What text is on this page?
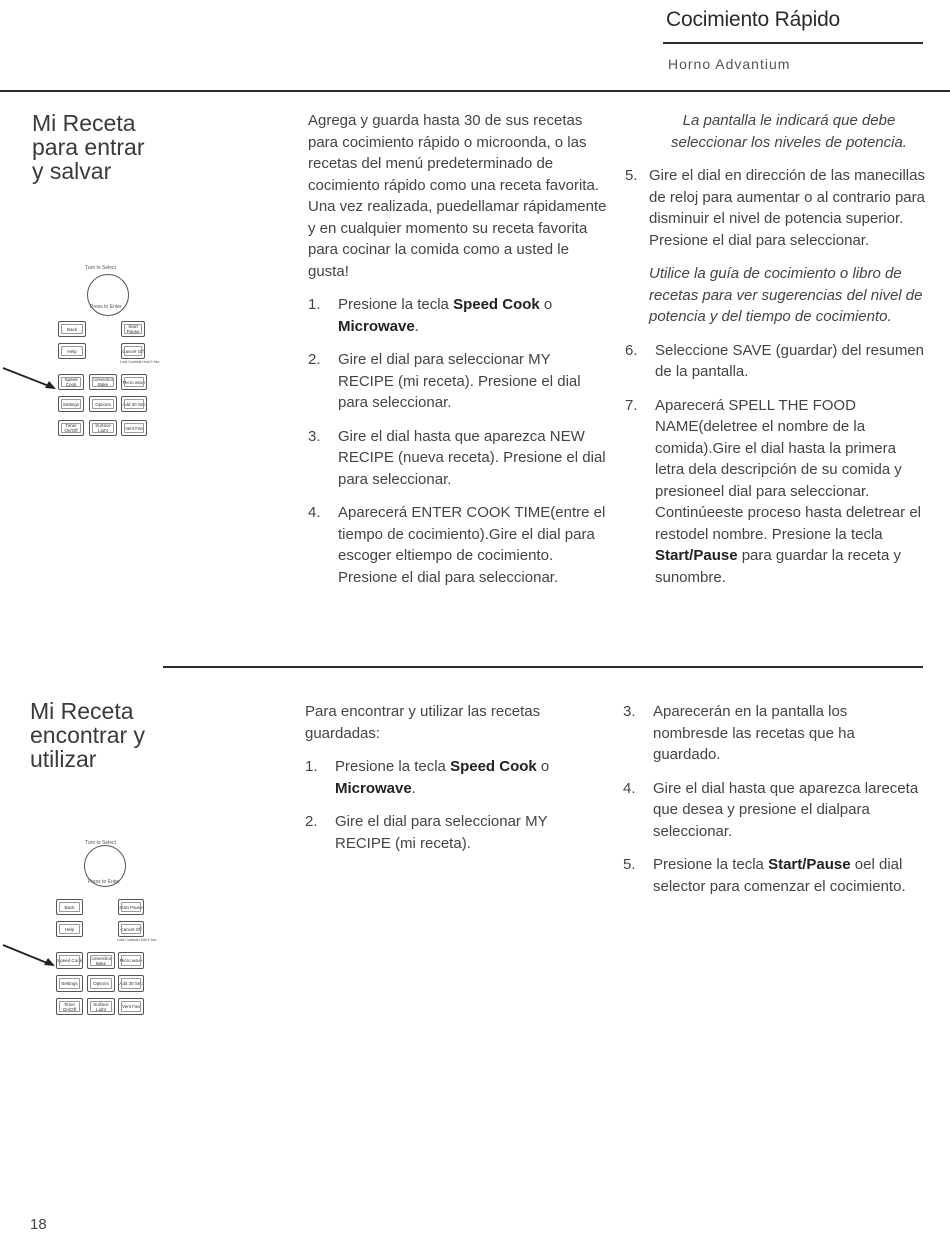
Cocimiento Rápido
Horno Advantium
Mi Receta
para entrar
y salvar
Turn to Select
Press to Enter
Back	Start Pause
Help	Cancel Off
Lock Controls Hold 3 Sec
Speed Cook
Convection Bake	Micro wave
Settings	Options	Add 30 Sec
Timer On/Off
Surface Light	Vent Fan

Agrega y guarda hasta 30 de sus recetas para cocimiento rápido o microonda, o las recetas del menú predeterminado de cocimiento rápido como una receta favorita. Una vez realizada, puedellamar rápidamente y en cualquier momento su receta favorita para cocinar la comida como a usted le gusta!

1. Presione la tecla Speed Cook o Microwave.
2. Gire el dial para seleccionar MY RECIPE (mi receta). Presione el dial para seleccionar.
3. Gire el dial hasta que aparezca NEW RECIPE (nueva receta). Presione el dial para seleccionar.
4. Aparecerá ENTER COOK TIME(entre el tiempo de cocimiento).Gire el dial para escoger eltiempo de cocimiento. Presione el dial para seleccionar.

La pantalla le indicará que debe seleccionar los niveles de potencia.

5. Gire el dial en dirección de las manecillas de reloj para aumentar o al contrario para disminuir el nivel de potencia superior. Presione el dial para seleccionar.

Utilice la guía de cocimiento o libro de recetas para ver sugerencias del nivel de potencia y del tiempo de cocimiento.

6. Seleccione SAVE (guardar) del resumen de la pantalla.
7. Aparecerá SPELL THE FOOD NAME(deletree el nombre de la comida).Gire el dial hasta la primera letra dela descripción de su comida y presioneel dial para seleccionar. Continúeeste proceso hasta deletrear el restodel nombre. Presione la tecla Start/Pause para guardar la receta y sunombre.
Mi Receta
encontrar y
utilizar
Turn to Select
Press to Enter
Back	Start Pause
Help	Cancel Off
Lock Controls Hold 3 Sec
Speed Cook	Convection Bake	Micro wave
Settings	Options	Add 30 Sec
Timer On/Off
Surface Light	Vent Fan

Para encontrar y utilizar las recetas guardadas:

1. Presione la tecla Speed Cook o Microwave.
2. Gire el dial para seleccionar MY RECIPE (mi receta).
3. Aparecerán en la pantalla los nombresde las recetas que ha guardado.
4. Gire el dial hasta que aparezca lareceta que desea y presione el dialpara seleccionar.
5. Presione la tecla Start/Pause oel dial selector para comenzar el cocimiento.
18
